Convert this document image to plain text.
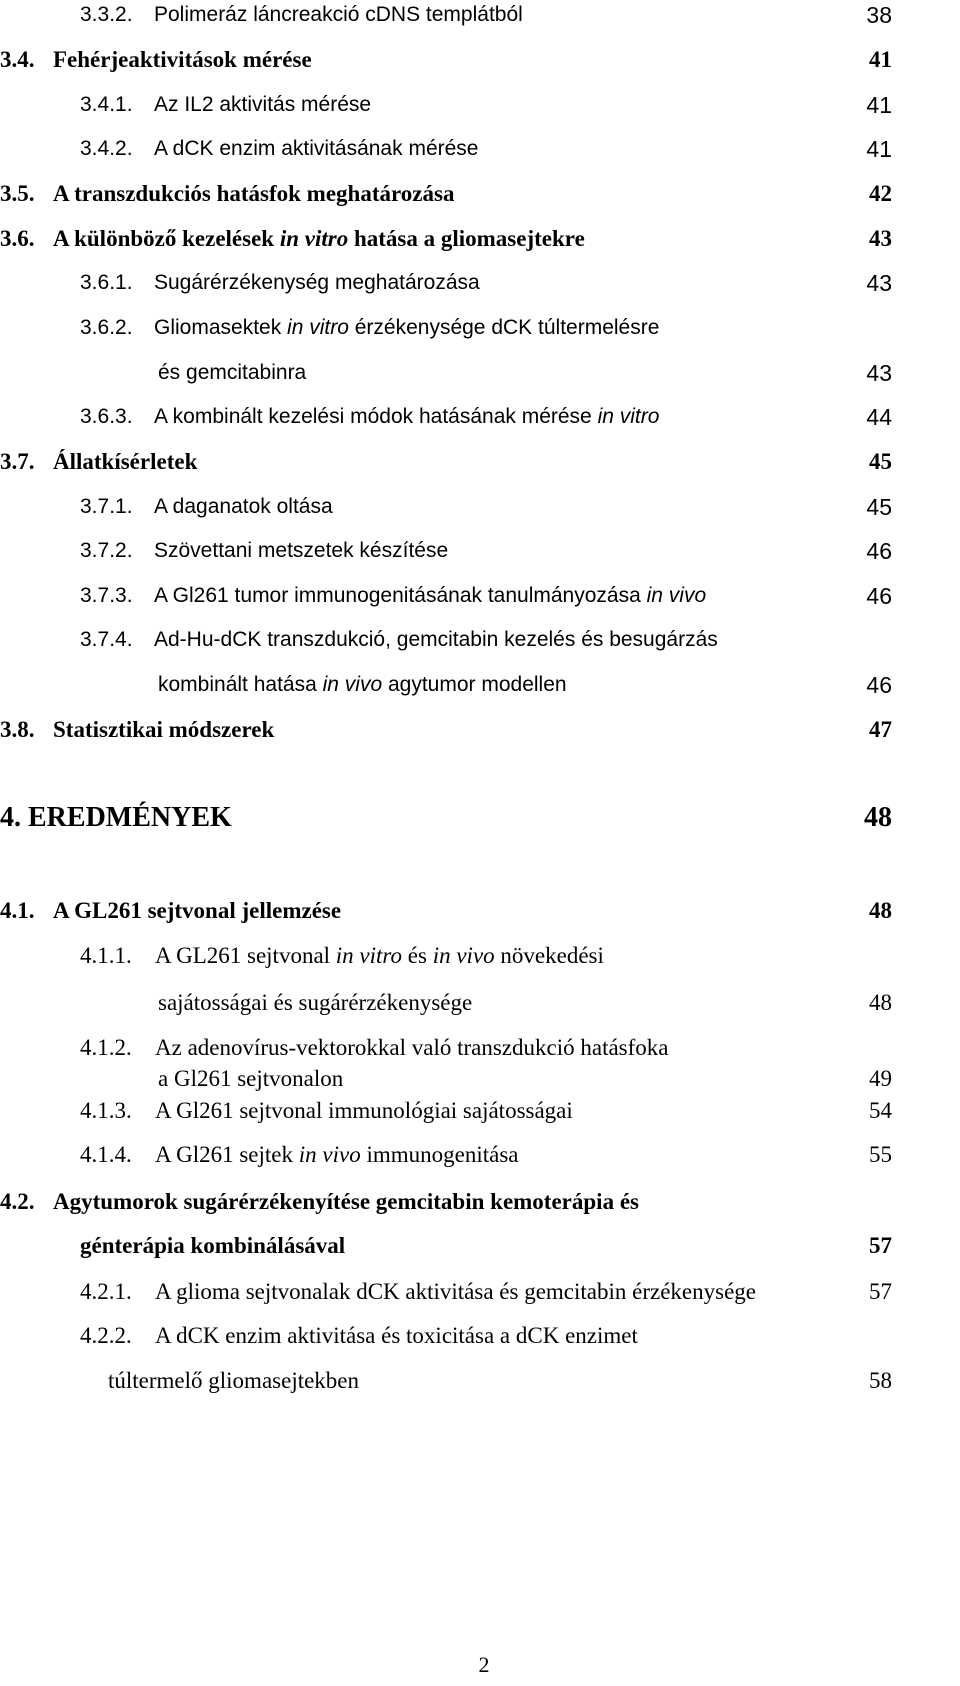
3.3.2. Polimeráz láncreakció cDNS templátból	38
3.4. Fehérjeaktivitások mérése	41
3.4.1. Az IL2 aktivitás mérése	41
3.4.2. A dCK enzim aktivitásának mérése	41
3.5. A transzdukciós hatásfok meghatározása	42
3.6. A különböző kezelések in vitro hatása a gliomasejtekre	43
3.6.1. Sugárérzékenység meghatározása	43
3.6.2. Gliomasektek in vitro érzékenysége dCK túltermelésre
és gemcitabinra	43
3.6.3. A kombinált kezelési módok hatásának mérése in vitro	44
3.7. Állatkísérletek	45
3.7.1. A daganatok oltása	45
3.7.2. Szövettani metszetek készítése	46
3.7.3. A Gl261 tumor immunogenitásának tanulmányozása in vivo	46
3.7.4. Ad-Hu-dCK transzdukció, gemcitabin kezelés és besugárzás
kombinált hatása in vivo agytumor modellen	46
3.8. Statisztikai módszerek	47
4. EREDMÉNYEK	48
4.1. A GL261 sejtvonal jellemzése	48
4.1.1. A GL261 sejtvonal in vitro és in vivo növekedési
sajátosságai és sugárérzékenysége	48
4.1.2. Az adenovírus-vektorokkal való transzdukció hatásfoka
a Gl261 sejtvonalon	49
4.1.3. A Gl261 sejtvonal immunológiai sajátosságai	54
4.1.4. A Gl261 sejtek in vivo immunogenitása	55
4.2. Agytumorok sugárérzékenyítése gemcitabin kemoterápia és
génterápia kombinálásával	57
4.2.1. A glioma sejtvonalak dCK aktivitása és gemcitabin érzékenysége	57
4.2.2. A dCK enzim aktivitása és toxicitása a dCK enzimet
túltermelő gliomasejtekben	58
2
